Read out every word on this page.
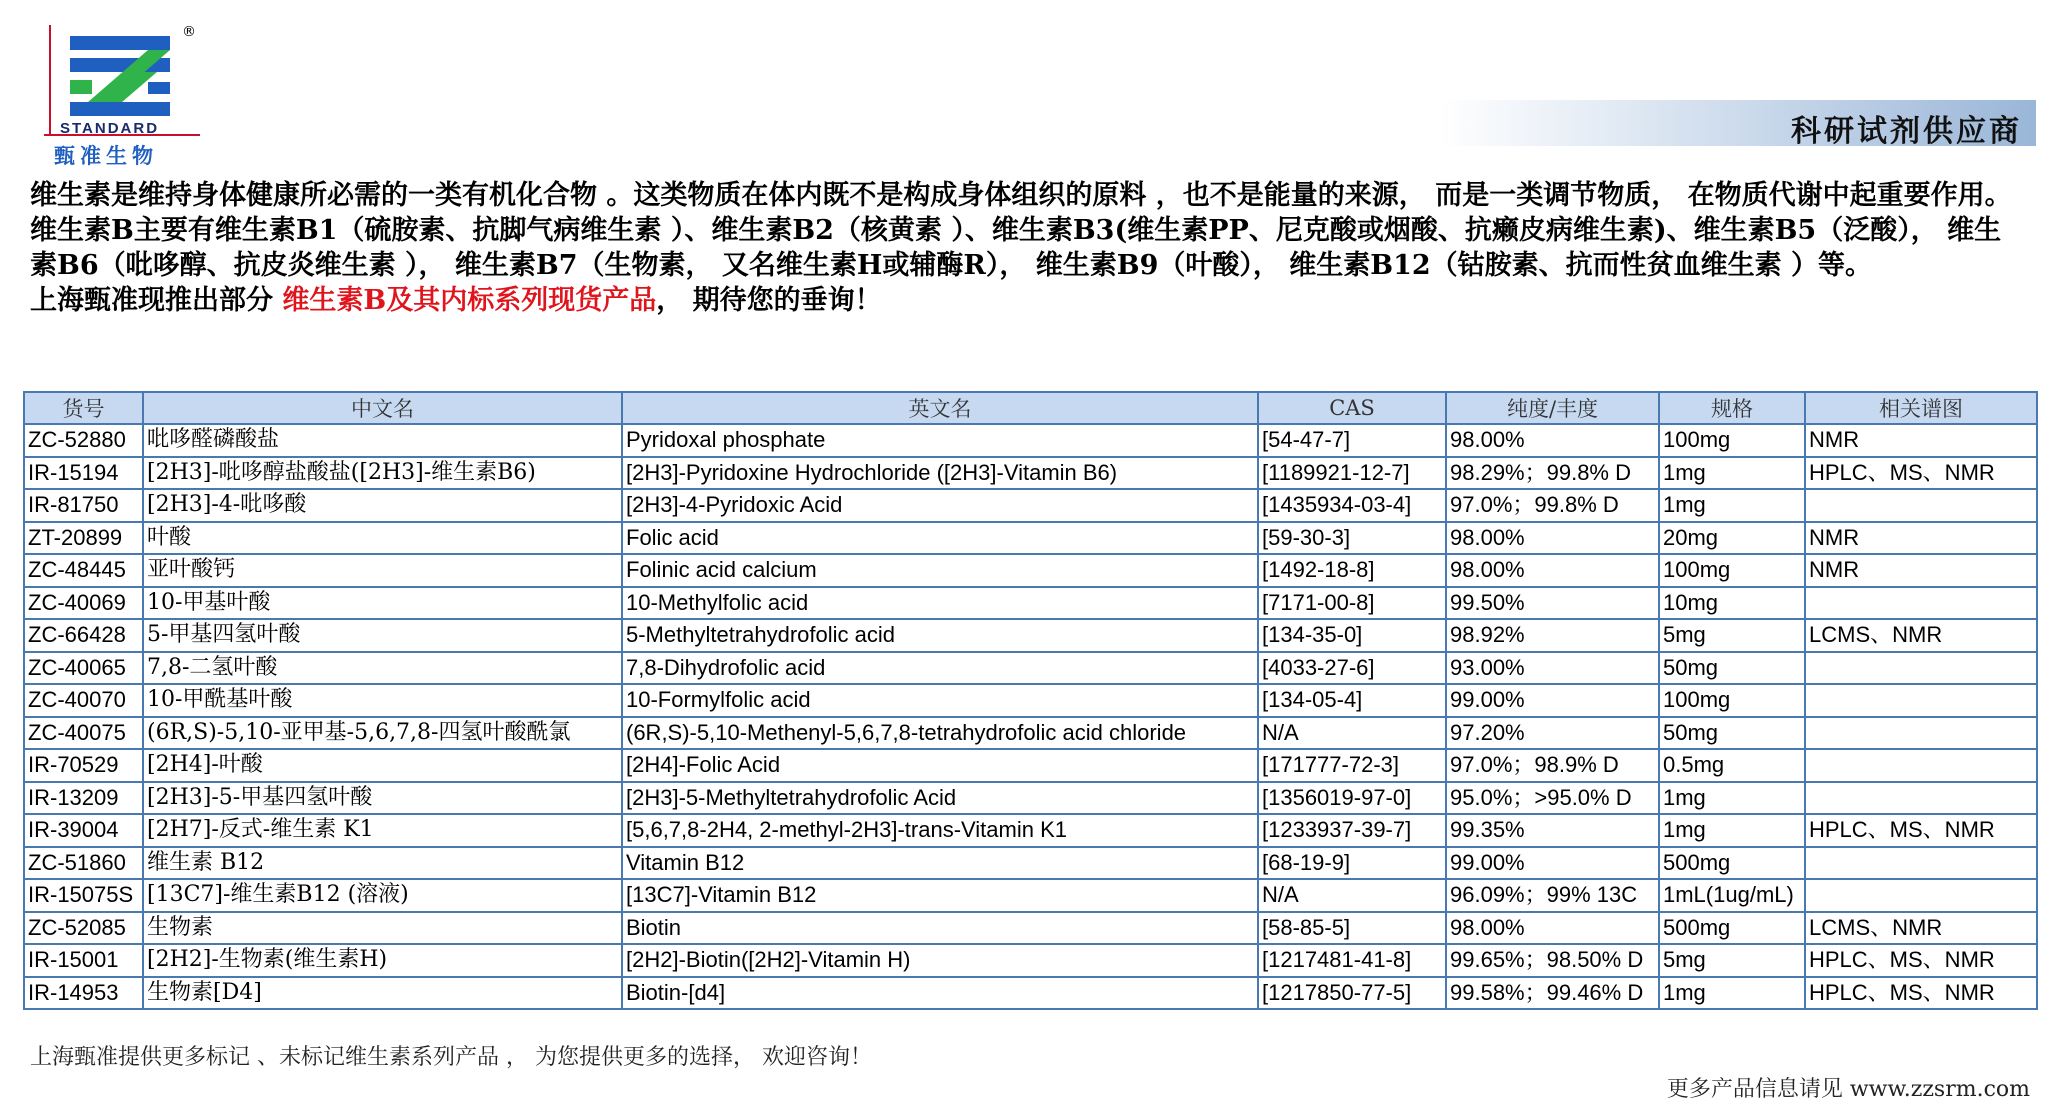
STANDARD
甄准生物
®
科研试剂供应商

维生素是维持身体健康所必需的一类有机化合物 。这类物质在体内既不是构成身体组织的原料 ，也不是能量的来源， 而是一类调节物质， 在物质代谢中起重要作用。

维生素B主要有维生素B1（硫胺素、抗脚气病维生素 ）、维生素B2（核黄素 ）、维生素B3(维生素PP、尼克酸或烟酸、抗癞皮病维生素)、维生素B5（泛酸）， 维生素B6（吡哆醇、抗皮炎维生素 ）， 维生素B7（生物素， 又名维生素H或辅酶R）， 维生素B9（叶酸）， 维生素B12（钴胺素、抗而性贫血维生素 ）等。

上海甄准现推出部分 维生素B及其内标系列现货产品， 期待您的垂询！

货号	中文名	英文名	CAS	纯度/丰度	规格	相关谱图
ZC-52880	吡哆醛磷酸盐	Pyridoxal phosphate	[54-47-7]	98.00%	100mg	NMR
IR-15194	[2H3]-吡哆醇盐酸盐([2H3]-维生素B6)	[2H3]-Pyridoxine Hydrochloride ([2H3]-Vitamin B6)	[1189921-12-7]	98.29%；99.8% D	1mg	HPLC、MS、NMR
IR-81750	[2H3]-4-吡哆酸	[2H3]-4-Pyridoxic Acid	[1435934-03-4]	97.0%；99.8% D	1mg	
ZT-20899	叶酸	Folic acid	[59-30-3]	98.00%	20mg	NMR
ZC-48445	亚叶酸钙	Folinic acid calcium	[1492-18-8]	98.00%	100mg	NMR
ZC-40069	10-甲基叶酸	10-Methylfolic acid	[7171-00-8]	99.50%	10mg	
ZC-66428	5-甲基四氢叶酸	5-Methyltetrahydrofolic acid	[134-35-0]	98.92%	5mg	LCMS、NMR
ZC-40065	7,8-二氢叶酸	7,8-Dihydrofolic acid	[4033-27-6]	93.00%	50mg	
ZC-40070	10-甲酰基叶酸	10-Formylfolic acid	[134-05-4]	99.00%	100mg	
ZC-40075	(6R,S)-5,10-亚甲基-5,6,7,8-四氢叶酸酰氯	(6R,S)-5,10-Methenyl-5,6,7,8-tetrahydrofolic acid chloride	N/A	97.20%	50mg	
IR-70529	[2H4]-叶酸	[2H4]-Folic Acid	[171777-72-3]	97.0%；98.9% D	0.5mg	
IR-13209	[2H3]-5-甲基四氢叶酸	[2H3]-5-Methyltetrahydrofolic Acid	[1356019-97-0]	95.0%；>95.0% D	1mg	
IR-39004	[2H7]-反式-维生素 K1	[5,6,7,8-2H4, 2-methyl-2H3]-trans-Vitamin K1	[1233937-39-7]	99.35%	1mg	HPLC、MS、NMR
ZC-51860	维生素 B12	Vitamin B12	[68-19-9]	99.00%	500mg	
IR-15075S	[13C7]-维生素B12 (溶液)	[13C7]-Vitamin B12	N/A	96.09%；99% 13C	1mL(1ug/mL)	
ZC-52085	生物素	Biotin	[58-85-5]	98.00%	500mg	LCMS、NMR
IR-15001	[2H2]-生物素(维生素H)	[2H2]-Biotin([2H2]-Vitamin H)	[1217481-41-8]	99.65%；98.50% D	5mg	HPLC、MS、NMR
IR-14953	生物素[D4]	Biotin-[d4]	[1217850-77-5]	99.58%；99.46% D	1mg	HPLC、MS、NMR
上海甄准提供更多标记 、未标记维生素系列产品 ， 为您提供更多的选择， 欢迎咨询！
更多产品信息请见 www.zzsrm.com
